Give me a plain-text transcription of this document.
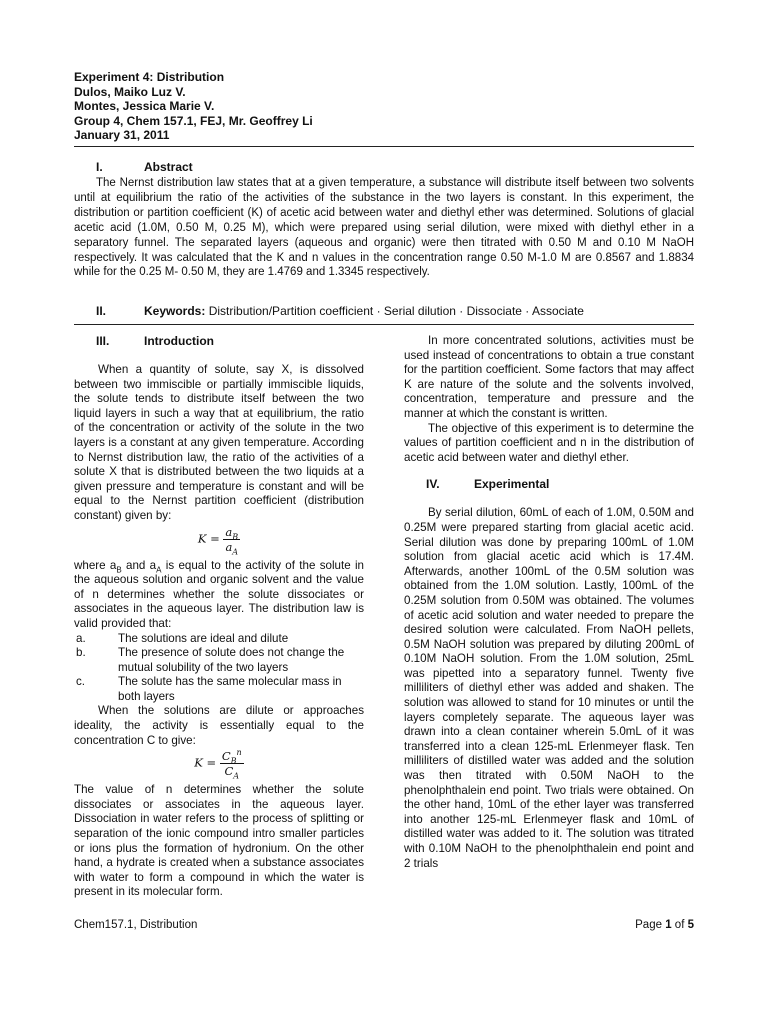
Experiment 4: Distribution
Dulos, Maiko Luz V.
Montes, Jessica Marie V.
Group 4, Chem 157.1, FEJ, Mr. Geoffrey Li
January 31, 2011
I.	Abstract
The Nernst distribution law states that at a given temperature, a substance will distribute itself between two solvents until at equilibrium the ratio of the activities of the substance in the two layers is constant. In this experiment, the distribution or partition coefficient (K) of acetic acid between water and diethyl ether was determined. Solutions of glacial acetic acid (1.0M, 0.50 M, 0.25 M), which were prepared using serial dilution, were mixed with diethyl ether in a separatory funnel. The separated layers (aqueous and organic) were then titrated with 0.50 M and 0.10 M NaOH respectively. It was calculated that the K and n values in the concentration range 0.50 M-1.0 M are 0.8567 and 1.8834 while for the 0.25 M- 0.50 M, they are 1.4769 and 1.3345 respectively.
II.	Keywords: Distribution/Partition coefficient · Serial dilution · Dissociate · Associate
III.	Introduction

When a quantity of solute, say X, is dissolved between two immiscible or partially immiscible liquids, the solute tends to distribute itself between the two liquid layers in such a way that at equilibrium, the ratio of the concentration or activity of the solute in the two layers is a constant at any given temperature. According to Nernst distribution law, the ratio of the activities of a solute X that is distributed between the two liquids at a given pressure and temperature is constant and will be equal to the Nernst partition coefficient (distribution constant) given by:

$K = \frac{a_B}{a_A}$

where $a_B$ and $a_A$ is equal to the activity of the solute in the aqueous solution and organic solvent and the value of n determines whether the solute dissociates or associates in the aqueous layer. The distribution law is valid provided that:

a.	The solutions are ideal and dilute
b.	The presence of solute does not change the mutual solubility of the two layers
c.	The solute has the same molecular mass in both layers

When the solutions are dilute or approaches ideality, the activity is essentially equal to the concentration C to give:

$K = \frac{C_B^n}{C_A}$

The value of n determines whether the solute dissociates or associates in the aqueous layer. Dissociation in water refers to the process of splitting or separation of the ionic compound intro smaller particles or ions plus the formation of hydronium. On the other hand, a hydrate is created when a substance associates with water to form a compound in which the water is present in its molecular form.

In more concentrated solutions, activities must be used instead of concentrations to obtain a true constant for the partition coefficient. Some factors that may affect K are nature of the solute and the solvents involved, concentration, temperature and pressure and the manner at which the constant is written.

The objective of this experiment is to determine the values of partition coefficient and n in the distribution of acetic acid between water and diethyl ether.

IV.	Experimental

By serial dilution, 60mL of each of 1.0M, 0.50M and 0.25M were prepared starting from glacial acetic acid. Serial dilution was done by preparing 100mL of 1.0M solution from glacial acetic acid which is 17.4M. Afterwards, another 100mL of the 0.5M solution was obtained from the 1.0M solution. Lastly, 100mL of the 0.25M solution from 0.50M was obtained. The volumes of acetic acid solution and water needed to prepare the desired solution were calculated. From NaOH pellets, 0.5M NaOH solution was prepared by diluting 200mL of 0.10M NaOH solution. From the 1.0M solution, 25mL was pipetted into a separatory funnel. Twenty five milliliters of diethyl ether was added and shaken. The solution was allowed to stand for 10 minutes or until the layers completely separate. The aqueous layer was drawn into a clean container wherein 5.0mL of it was transferred into a clean 125-mL Erlenmeyer flask. Ten milliliters of distilled water was added and the solution was then titrated with 0.50M NaOH to the phenolphthalein end point. Two trials were obtained. On the other hand, 10mL of the ether layer was transferred into another 125-mL Erlenmeyer flask and 10mL of distilled water was added to it. The solution was titrated with 0.10M NaOH to the phenolphthalein end point and 2 trials

Chem157.1, Distribution	Page 1 of 5
